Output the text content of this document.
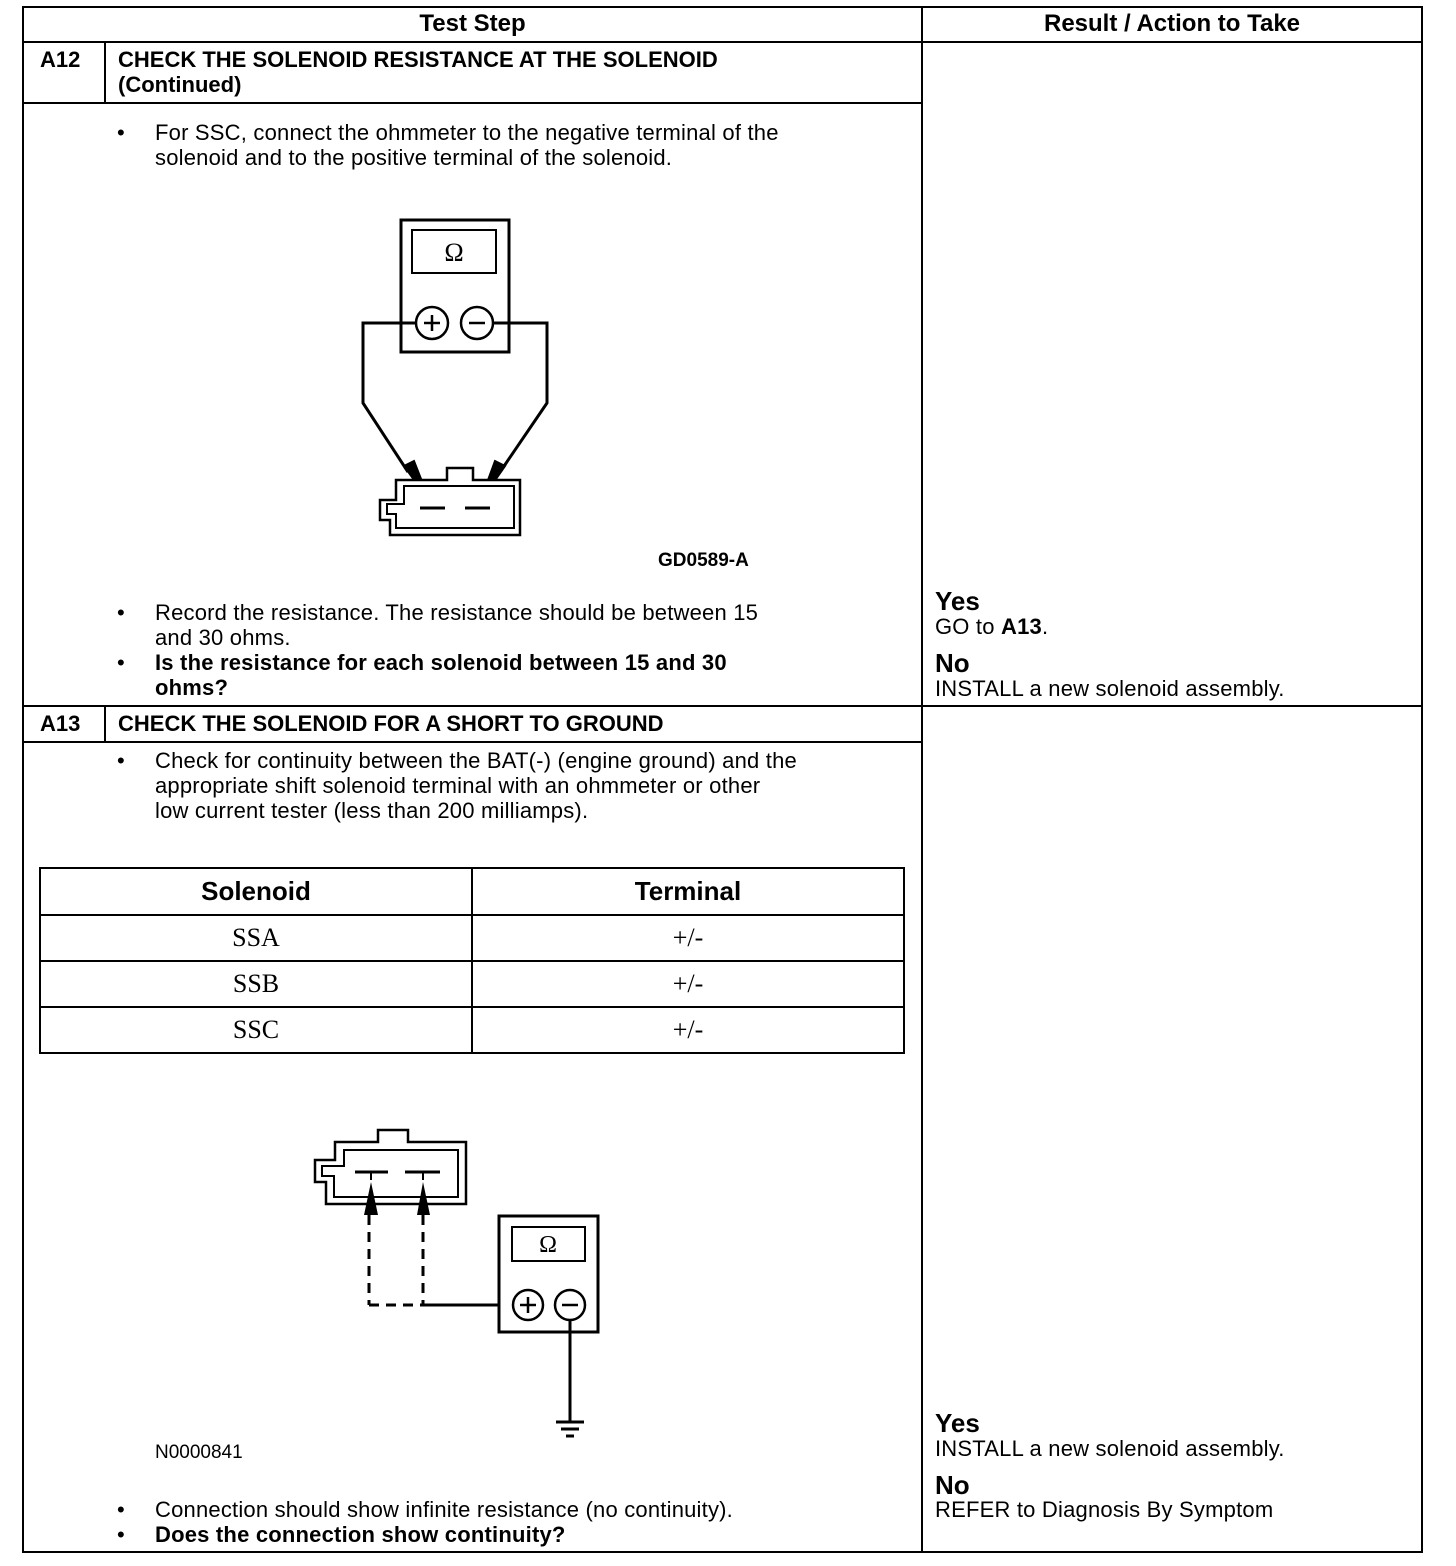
Test Step	Result / Action to Take
A12 CHECK THE SOLENOID RESISTANCE AT THE SOLENOID
(Continued)
• For SSC, connect the ohmmeter to the negative terminal of the
solenoid and to the positive terminal of the solenoid.
Ω
GD0589-A
• Record the resistance. The resistance should be between 15
and 30 ohms.
• Is the resistance for each solenoid between 15 and 30
ohms?
Yes
GO to A13.
No
INSTALL a new solenoid assembly.
A13 CHECK THE SOLENOID FOR A SHORT TO GROUND
• Check for continuity between the BAT(-) (engine ground) and the
appropriate shift solenoid terminal with an ohmmeter or other
low current tester (less than 200 milliamps).
Solenoid	Terminal
SSA	+/-
SSB	+/-
SSC	+/-
Ω
N0000841
• Connection should show infinite resistance (no continuity).
• Does the connection show continuity?
Yes
INSTALL a new solenoid assembly.
No
REFER to Diagnosis By Symptom
